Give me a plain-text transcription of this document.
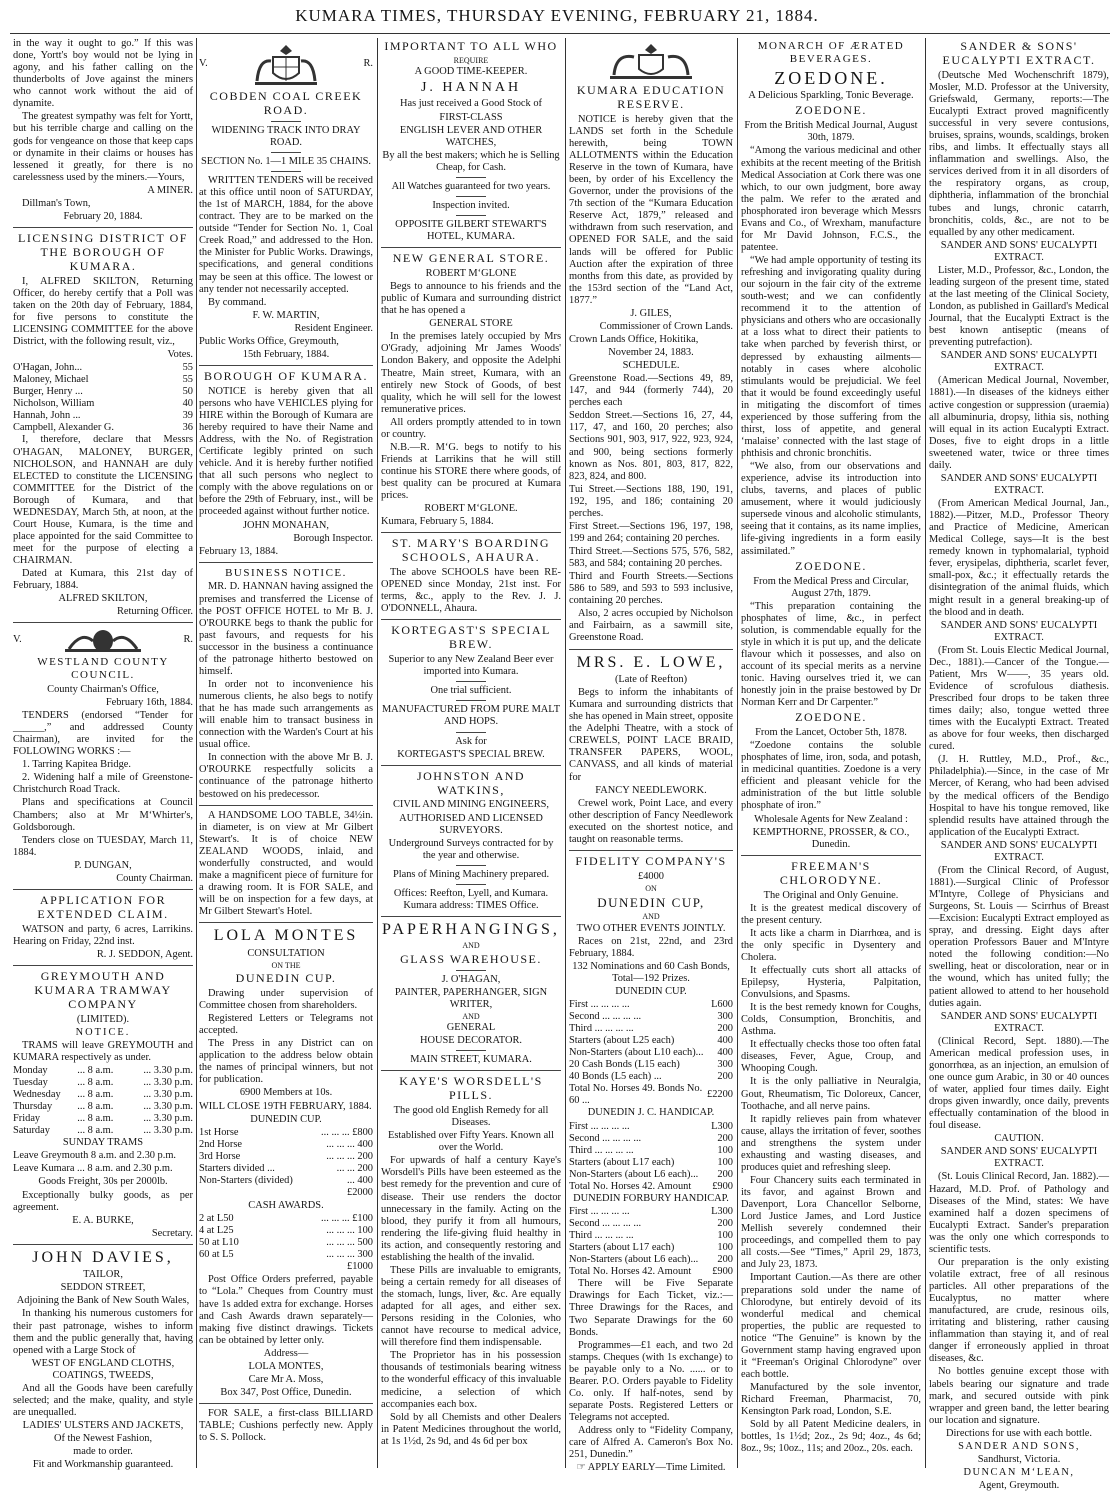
KUMARA TIMES, THURSDAY EVENING, FEBRUARY 21, 1884.

in the way it ought to go.” If this was done, Yortt's boy would not be lying in agony, and his father calling on the thunderbolts of Jove against the miners who cannot work without the aid of dynamite.

The greatest sympathy was felt for Yortt, but his terrible charge and calling on the gods for vengeance on those that keep caps or dynamite in their claims or houses has lessened it greatly, for there is no carelessness used by the miners.—Yours,

A MINER.

Dillman's Town,

February 20, 1884.

LICENSING DISTRICT OF THE BOROUGH OF KUMARA.

I, ALFRED SKILTON, Returning Officer, do hereby certify that a Poll was taken on the 20th day of February, 1884, for five persons to constitute the LICENSING COMMITTEE for the above District, with the following result, viz.,

Votes.

O'Hagan, John...	55
Maloney, Michael	55
Burger, Henry ...	50
Nicholson, William	40
Hannah, John ...	39
Campbell, Alexander G.	36

I, therefore, declare that Messrs O'HAGAN, MALONEY, BURGER, NICHOLSON, and HANNAH are duly ELECTED to constitute the LICENSING COMMITTEE for the District of the Borough of Kumara, and that WEDNESDAY, March 5th, at noon, at the Court House, Kumara, is the time and place appointed for the said Committee to meet for the purpose of electing a CHAIRMAN.

Dated at Kumara, this 21st day of February, 1884.

ALFRED SKILTON,

Returning Officer.

V.	R.
WESTLAND COUNTY COUNCIL.

County Chairman's Office,

February 16th, 1884.

TENDERS (endorsed “Tender for ______,” and addressed County Chairman), are invited for the FOLLOWING WORKS :—

1. Tarring Kapitea Bridge.

2. Widening half a mile of Greenstone-Christchurch Road Track.

Plans and specifications at Council Chambers; also at Mr M‘Whirter's, Goldsborough.

Tenders close on TUESDAY, March 11, 1884.

P. DUNGAN,

County Chairman.

APPLICATION FOR EXTENDED CLAIM.

WATSON and party, 6 acres, Larrikins. Hearing on Friday, 22nd inst.

R. J. SEDDON, Agent.

GREYMOUTH AND KUMARA TRAMWAY COMPANY

(LIMITED).

NOTICE.

TRAMS will leave GREYMOUTH and KUMARA respectively as under.

Monday	... 8 a.m.	... 3.30 p.m.
Tuesday	... 8 a.m.	... 3.30 p.m.
Wednesday	... 8 a.m.	... 3.30 p.m.
Thursday	... 8 a.m.	... 3.30 p.m.
Friday	... 8 a.m.	... 3.30 p.m.
Saturday	... 8 a.m.	... 3.30 p.m.

SUNDAY TRAMS

Leave Greymouth 8 a.m. and 2.30 p.m.

Leave Kumara ... 8 a.m. and 2.30 p.m.

Goods Freight, 30s per 2000lb.

Exceptionally bulky goods, as per agreement.

E. A. BURKE,

Secretary.

JOHN DAVIES,

TAILOR,

SEDDON STREET,

Adjoining the Bank of New South Wales,

In thanking his numerous customers for their past patronage, wishes to inform them and the public generally that, having opened with a Large Stock of

WEST OF ENGLAND CLOTHS, COATINGS, TWEEDS,

And all the Goods have been carefully selected; and the make, quality, and style are unequalled.

LADIES' ULSTERS AND JACKETS,

Of the Newest Fashion,

made to order.

Fit and Workmanship guaranteed.

V.	R.
COBDEN COAL CREEK ROAD.

WIDENING TRACK INTO DRAY ROAD.

SECTION No. 1—1 MILE 35 CHAINS.

WRITTEN TENDERS will be received at this office until noon of SATURDAY, the 1st of MARCH, 1884, for the above contract. They are to be marked on the outside “Tender for Section No. 1, Coal Creek Road,” and addressed to the Hon. the Minister for Public Works. Drawings, specifications, and general conditions may be seen at this office. The lowest or any tender not necessarily accepted.

By command.

F. W. MARTIN,

Resident Engineer.

Public Works Office, Greymouth,

15th February, 1884.

BOROUGH OF KUMARA.

NOTICE is hereby given that all persons who have VEHICLES plying for HIRE within the Borough of Kumara are hereby required to have their Name and Address, with the No. of Registration Certificate legibly printed on such vehicle. And it is hereby further notified that all such persons who neglect to comply with the above regulations on or before the 29th of February, inst., will be proceeded against without further notice.

JOHN MONAHAN,

Borough Inspector.

February 13, 1884.

BUSINESS NOTICE.

MR. D. HANNAN having assigned the premises and transferred the License of the POST OFFICE HOTEL to Mr B. J. O'ROURKE begs to thank the public for past favours, and requests for his successor in the business a continuance of the patronage hitherto bestowed on himself.

In order not to inconvenience his numerous clients, he also begs to notify that he has made such arrangements as will enable him to transact business in connection with the Warden's Court at his usual office.

In connection with the above Mr B. J. O'ROURKE respectfully solicits a continuance of the patronage hitherto bestowed on his predecessor.

A HANDSOME LOO TABLE, 34½in. in diameter, is on view at Mr Gilbert Stewart's. It is of choice NEW ZEALAND WOODS, inlaid, and wonderfully constructed, and would make a magnificent piece of furniture for a drawing room. It is FOR SALE, and will be on inspection for a few days, at Mr Gilbert Stewart's Hotel.

LOLA MONTES

CONSULTATION

ON THE

DUNEDIN CUP.

Drawing under supervision of Committee chosen from shareholders.

Registered Letters or Telegrams not accepted.

The Press in any District can on application to the address below obtain the names of principal winners, but not for publication.

6900 Members at 10s.

WILL CLOSE 19TH FEBRUARY, 1884.

DUNEDIN CUP.

1st Horse	... ... ... £800
2nd Horse	... ... ... 400
3rd Horse	... ... ... 200
Starters divided ...	... ... 200
Non-Starters (divided)	... 400

£2000

CASH AWARDS.

2 at L50	... ... ... £100
4 at L25	... ... ... 100
50 at L10	... ... ... 500
60 at L5	... ... ... 300

£1000

Post Office Orders preferred, payable to “Lola.” Cheques from Country must have 1s added extra for exchange. Horses and Cash Awards drawn separately—making five distinct drawings. Tickets can be obtained by letter only.

Address—

LOLA MONTES,

Care Mr A. Moss,

Box 347, Post Office, Dunedin.

FOR SALE, a first-class BILLIARD TABLE; Cushions perfectly new. Apply to S. S. Pollock.

IMPORTANT TO ALL WHO

REQUIRE

A GOOD TIME-KEEPER.

J. HANNAH

Has just received a Good Stock of

FIRST-CLASS

ENGLISH LEVER AND OTHER WATCHES,

By all the best makers; which he is Selling Cheap, for Cash.

All Watches guaranteed for two years.

Inspection invited.

OPPOSITE GILBERT STEWART'S HOTEL, KUMARA.

NEW GENERAL STORE.

ROBERT M‘GLONE

Begs to announce to his friends and the public of Kumara and surrounding district that he has opened a

GENERAL STORE

In the premises lately occupied by Mrs O'Grady, adjoining Mr James Woods' London Bakery, and opposite the Adelphi Theatre, Main street, Kumara, with an entirely new Stock of Goods, of best quality, which he will sell for the lowest remunerative prices.

All orders promptly attended to in town or country.

N.B.—R. M‘G. begs to notify to his Friends at Larrikins that he will still continue his STORE there where goods, of best quality can be procured at Kumara prices.

ROBERT M‘GLONE.

Kumara, February 5, 1884.

ST. MARY'S BOARDING SCHOOLS, AHAURA.

The above SCHOOLS have been RE-OPENED since Monday, 21st inst. For terms, &c., apply to the Rev. J. J. O'DONNELL, Ahaura.

KORTEGAST'S SPECIAL BREW.

Superior to any New Zealand Beer ever imported into Kumara.

One trial sufficient.

MANUFACTURED FROM PURE MALT AND HOPS.

Ask for

KORTEGAST'S SPECIAL BREW.

JOHNSTON AND WATKINS,

CIVIL AND MINING ENGINEERS,

AUTHORISED AND LICENSED SURVEYORS.

Underground Surveys contracted for by the year and otherwise.

Plans of Mining Machinery prepared.

Offices: Reefton, Lyell, and Kumara. Kumara address: TIMES Office.

PAPERHANGINGS,

AND

GLASS WAREHOUSE.

J. O'HAGAN,

PAINTER, PAPERHANGER, SIGN WRITER,

AND

GENERAL

HOUSE DECORATOR.

MAIN STREET, KUMARA.

KAYE'S WORSDELL'S PILLS.

The good old English Remedy for all Diseases.

Established over Fifty Years. Known all over the World.

For upwards of half a century Kaye's Worsdell's Pills have been esteemed as the best remedy for the prevention and cure of disease. Their use renders the doctor unnecessary in the family. Acting on the blood, they purify it from all humours, rendering the life-giving fluid healthy in its action, and consequently restoring and establishing the health of the invalid.

These Pills are invaluable to emigrants, being a certain remedy for all diseases of the stomach, lungs, liver, &c. Are equally adapted for all ages, and either sex. Persons residing in the Colonies, who cannot have recourse to medical advice, will therefore find them indispensable.

The Proprietor has in his possession thousands of testimonials bearing witness to the wonderful efficacy of this invaluable medicine, a selection of which accompanies each box.

Sold by all Chemists and other Dealers in Patent Medicines throughout the world, at 1s 1½d, 2s 9d, and 4s 6d per box

KUMARA EDUCATION RESERVE.

NOTICE is hereby given that the LANDS set forth in the Schedule herewith, being TOWN ALLOTMENTS within the Education Reserve in the town of Kumara, have been, by order of his Excellency the Governor, under the provisions of the 7th section of the “Kumara Education Reserve Act, 1879,” released and withdrawn from such reservation, and OPENED FOR SALE, and the said lands will be offered for Public Auction after the expiration of three months from this date, as provided by the 153rd section of the “Land Act, 1877.”

J. GILES,

Commissioner of Crown Lands.

Crown Lands Office, Hokitika,

November 24, 1883.

SCHEDULE.

Greenstone Road.—Sections 49, 89, 147, and 944 (formerly 744), 20 perches each

Seddon Street.—Sections 16, 27, 44, 117, 47, and 160, 20 perches; also Sections 901, 903, 917, 922, 923, 924, and 900, being sections formerly known as Nos. 801, 803, 817, 822, 823, 824, and 800.

Tui Street.—Sections 188, 190, 191, 192, 195, and 186; containing 20 perches.

First Street.—Sections 196, 197, 198, 199 and 264; containing 20 perches.

Third Street.—Sections 575, 576, 582, 583, and 584; containing 20 perches.

Third and Fourth Streets.—Sections 586 to 589, and 593 to 593 inclusive, containing 20 perches.

Also, 2 acres occupied by Nicholson and Fairbairn, as a sawmill site, Greenstone Road.

MRS. E. LOWE,

(Late of Reefton)

Begs to inform the inhabitants of Kumara and surrounding districts that she has opened in Main street, opposite the Adelphi Theatre, with a stock of CREWELS, POINT LACE BRAID, TRANSFER PAPERS, WOOL, CANVASS, and all kinds of material for

FANCY NEEDLEWORK.

Crewel work, Point Lace, and every other description of Fancy Needlework executed on the shortest notice, and taught on reasonable terms.

FIDELITY COMPANY'S

£4000

ON

DUNEDIN CUP,

AND

TWO OTHER EVENTS JOINTLY.

Races on 21st, 22nd, and 23rd February, 1884.

132 Nominations and 60 Cash Bonds, Total—192 Prizes.

DUNEDIN CUP.

First ... ... ... ...	L600
Second ... ... ... ...	300
Third ... ... ... ...	200
Starters (about L25 each)	400
Non-Starters (about L10 each)...	400
20 Cash Bonds (L15 each)	300
40 Bonds (L5 each) ...	200
Total No. Horses 49. Bonds No. 60 ...	£2200

DUNEDIN J. C. HANDICAP.

First ... ... ... ...	L300
Second ... ... ... ...	200
Third ... ... ... ...	100
Starters (about L17 each)	100
Non-Starters (about L6 each)...	200
Total No. Horses 42. Amount	£900

DUNEDIN FORBURY HANDICAP.

First ... ... ... ...	L300
Second ... ... ... ...	200
Third ... ... ... ...	100
Starters (about L17 each)	100
Non-Starters (about L6 each)...	200
Total No. Horses 42. Amount	£900

There will be Five Separate Drawings for Each Ticket, viz.:—Three Drawings for the Races, and Two Separate Drawings for the 60 Bonds.

Programmes—£1 each, and two 2d stamps. Cheques (with 1s exchange) to be payable only to a No. ...... or to Bearer. P.O. Orders payable to Fidelity Co. only. If half-notes, send by separate Posts. Registered Letters or Telegrams not accepted.

Address only to “Fidelity Company, care of Alfred A. Cameron's Box No. 251, Dunedin.”

☞ APPLY EARLY—Time Limited.

MONARCH OF ÆRATED BEVERAGES.
ZOEDONE.

A Delicious Sparkling, Tonic Beverage.

ZOEDONE.

From the British Medical Journal, August 30th, 1879.

“Among the various medicinal and other exhibits at the recent meeting of the British Medical Association at Cork there was one which, to our own judgment, bore away the palm. We refer to the ærated and phosphorated iron beverage which Messrs Evans and Co., of Wrexham, manufacture for Mr David Johnson, F.C.S., the patentee.

“We had ample opportunity of testing its refreshing and invigorating quality during our sojourn in the fair city of the extreme south-west; and we can confidently recommend it to the attention of physicians and others who are occasionally at a loss what to direct their patients to take when parched by feverish thirst, or depressed by exhausting ailments—notably in cases where alcoholic stimulants would be prejudicial. We feel that it would be found exceedingly useful in mitigating the discomfort of times experienced by those suffering from the thirst, loss of appetite, and general ‘malaise’ connected with the last stage of phthisis and chronic bronchitis.

“We also, from our observations and experience, advise its introduction into clubs, taverns, and places of public amusement, where it would judiciously supersede vinous and alcoholic stimulants, seeing that it contains, as its name implies, life-giving ingredients in a form easily assimilated.”

ZOEDONE.

From the Medical Press and Circular, August 27th, 1879.

“This preparation containing the phosphates of lime, &c., in perfect solution, is commendable equally for the style in which it is put up, and the delicate flavour which it possesses, and also on account of its special merits as a nervine tonic. Having ourselves tried it, we can honestly join in the praise bestowed by Dr Norman Kerr and Dr Carpenter.”

ZOEDONE.

From the Lancet, October 5th, 1878.

“Zoedone contains the soluble phosphates of lime, iron, soda, and potash, in medicinal quantities. Zoedone is a very efficient and pleasant vehicle for the administration of the but little soluble phosphate of iron.”

Wholesale Agents for New Zealand :

KEMPTHORNE, PROSSER, & CO., Dunedin.

FREEMAN'S CHLORODYNE.

The Original and Only Genuine.

It is the greatest medical discovery of the present century.

It acts like a charm in Diarrhœa, and is the only specific in Dysentery and Cholera.

It effectually cuts short all attacks of Epilepsy, Hysteria, Palpitation, Convulsions, and Spasms.

It is the best remedy known for Coughs, Colds, Consumption, Bronchitis, and Asthma.

It effectually checks those too often fatal diseases, Fever, Ague, Croup, and Whooping Cough.

It is the only palliative in Neuralgia, Gout, Rheumatism, Tic Doloreux, Cancer, Toothache, and all nerve pains.

It rapidly relieves pain from whatever cause, allays the irritation of fever, soothes and strengthens the system under exhausting and wasting diseases, and produces quiet and refreshing sleep.

Four Chancery suits each terminated in its favor, and against Brown and Davenport, Lora Chancellor Selborne, Lord Justice James, and Lord Justice Mellish severely condemned their proceedings, and compelled them to pay all costs.—See “Times,” April 29, 1873, and July 23, 1873.

Important Caution.—As there are other preparations sold under the name of Chlorodyne, but entirely devoid of its wonderful medical and chemical properties, the public are requested to notice “The Genuine” is known by the Government stamp having engraved upon it “Freeman's Original Chlorodyne” over each bottle.

Manufactured by the sole inventor, Richard Freeman, Pharmacist, 70, Kensington Park road, London, S.E.

Sold by all Patent Medicine dealers, in bottles, 1s 1½d; 2oz., 2s 9d; 4oz., 4s 6d; 8oz., 9s; 10oz., 11s; and 20oz., 20s. each.

SANDER & SONS' EUCALYPTI EXTRACT.

(Deutsche Med Wochenschrift 1879), Mosler, M.D. Professor at the University, Griefswald, Germany, reports:—The Eucalypti Extract proved magnificently successful in very severe contusions, bruises, sprains, wounds, scaldings, broken ribs, and limbs. It effectually stays all inflammation and swellings. Also, the services derived from it in all disorders of the respiratory organs, as croup, diphtheria, inflammation of the bronchial tubes and lungs, chronic catarrh, bronchitis, colds, &c., are not to be equalled by any other medicament.

SANDER AND SONS' EUCALYPTI EXTRACT.

Lister, M.D., Professor, &c., London, the leading surgeon of the present time, stated at the last meeting of the Clinical Society, London, as published in Gaillard's Medical Journal, that the Eucalypti Extract is the best known antiseptic (means of preventing putrefaction).

SANDER AND SONS' EUCALYPTI EXTRACT.

(American Medical Journal, November, 1881).—In diseases of the kidneys either active congestion or suppression (uraemia) all albuminuria, dropsy, lithia sis, nothing will equal in its action Eucalypti Extract. Doses, five to eight drops in a little sweetened water, twice or three times daily.

SANDER AND SONS' EUCALYPTI EXTRACT.

(From American Medical Journal, Jan., 1882).—Pitzer, M.D., Professor Theory and Practice of Medicine, American Medical College, says—It is the best remedy known in typhomalarial, typhoid fever, erysipelas, diphtheria, scarlet fever, small-pox, &c.; it effectually retards the disintegration of the animal fluids, which might result in a general breaking-up of the blood and in death.

SANDER AND SONS' EUCALYPTI EXTRACT.

(From St. Louis Electic Medical Journal, Dec., 1881).—Cancer of the Tongue.—Patient, Mrs W——, 35 years old. Evidence of scrofulous diathesis. Prescribed four drops to be taken three times daily; also, tongue wetted three times with the Eucalypti Extract. Treated as above for four weeks, then discharged cured.

(J. H. Ruttley, M.D., Prof., &c., Philadelphia).—Since, in the case of Mr Mercer, of Kerang, who had been advised by the medical officers of the Bendigo Hospital to have his tongue removed, like splendid results have attained through the application of the Eucalypti Extract.

SANDER AND SONS' EUCALYPTI EXTRACT.

(From the Clinical Record, of August, 1881).—Surgical Clinic of Professor M'Intyre, College of Physicians and Surgeons, St. Louis — Scirrhus of Breast—Excision: Eucalypti Extract employed as spray, and dressing. Eight days after operation Professors Bauer and M'Intyre noted the following condition:—No swelling, heat or discoloration, near or in the wound, which has united fully; the patient allowed to attend to her household duties again.

SANDER AND SONS' EUCALYPTI EXTRACT.

(Clinical Record, Sept. 1880).—The American medical profession uses, in gonorrhœa, as an injection, an emulsion of one ounce gum Arabic, in 30 or 40 ounces of water, applied four times daily. Eight drops given inwardly, once daily, prevents effectually contamination of the blood in foul disease.

CAUTION.

SANDER AND SONS' EUCALYPTI EXTRACT.

(St. Louis Clinical Record, Jan. 1882).—Hazard, M.D. Prof. of Pathology and Diseases of the Mind, states: We have examined half a dozen specimens of Eucalypti Extract. Sander's preparation was the only one which corresponds to scientific tests.

Our preparation is the only existing volatile extract, free of all resinous particles. All other preparations of the Eucalyptus, no matter where manufactured, are crude, resinous oils, irritating and blistering, rather causing inflammation than staying it, and of real danger if erroneously applied in throat diseases, &c.

No bottles genuine except those with labels bearing our signature and trade mark, and secured outside with pink wrapper and green band, the letter bearing our location and signature.

Directions for use with each bottle.

SANDER AND SONS,

Sandhurst, Victoria.

DUNCAN M‘LEAN,

Agent, Greymouth.
